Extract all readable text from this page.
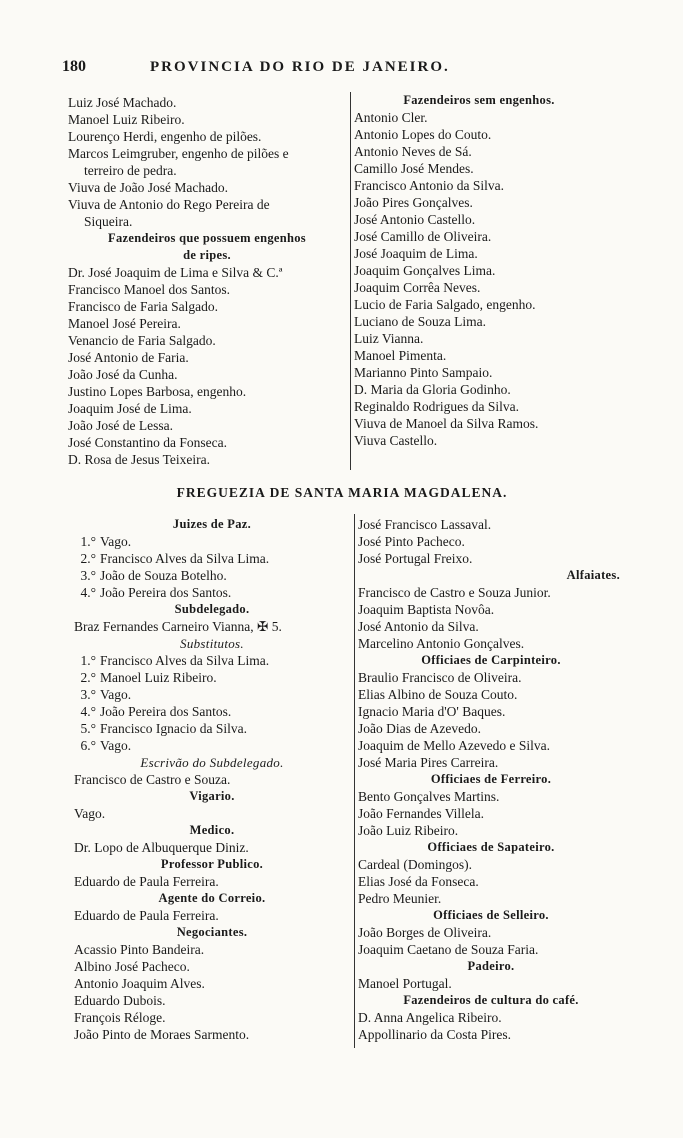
180	PROVINCIA DO RIO DE JANEIRO.
Luiz José Machado.
Manoel Luiz Ribeiro.
Lourenço Herdi, engenho de pilões.
Marcos Leimgruber, engenho de pilões e
terreiro de pedra.
Viuva de João José Machado.
Viuva de Antonio do Rego Pereira de
Siqueira.
Fazendeiros que possuem engenhos
de ripes.
Dr. José Joaquim de Lima e Silva & C.ª
Francisco Manoel dos Santos.
Francisco de Faria Salgado.
Manoel José Pereira.
Venancio de Faria Salgado.
José Antonio de Faria.
João José da Cunha.
Justino Lopes Barbosa, engenho.
Joaquim José de Lima.
João José de Lessa.
José Constantino da Fonseca.
D. Rosa de Jesus Teixeira.
Fazendeiros sem engenhos.
Antonio Cler.
Antonio Lopes do Couto.
Antonio Neves de Sá.
Camillo José Mendes.
Francisco Antonio da Silva.
João Pires Gonçalves.
José Antonio Castello.
José Camillo de Oliveira.
José Joaquim de Lima.
Joaquim Gonçalves Lima.
Joaquim Corrêa Neves.
Lucio de Faria Salgado, engenho.
Luciano de Souza Lima.
Luiz Vianna.
Manoel Pimenta.
Marianno Pinto Sampaio.
D. Maria da Gloria Godinho.
Reginaldo Rodrigues da Silva.
Viuva de Manoel da Silva Ramos.
Viuva Castello.
FREGUEZIA DE SANTA MARIA MAGDALENA.
Juizes de Paz.
1.° Vago.
2.° Francisco Alves da Silva Lima.
3.° João de Souza Botelho.
4.° João Pereira dos Santos.
Subdelegado.
Braz Fernandes Carneiro Vianna, ✠ 5.
Substitutos.
1.° Francisco Alves da Silva Lima.
2.° Manoel Luiz Ribeiro.
3.° Vago.
4.° João Pereira dos Santos.
5.° Francisco Ignacio da Silva.
6.° Vago.
Escrivão do Subdelegado.
Francisco de Castro e Souza.
Vigario.
Vago.
Medico.
Dr. Lopo de Albuquerque Diniz.
Professor Publico.
Eduardo de Paula Ferreira.
Agente do Correio.
Eduardo de Paula Ferreira.
Negociantes.
Acassio Pinto Bandeira.
Albino José Pacheco.
Antonio Joaquim Alves.
Eduardo Dubois.
François Réloge.
João Pinto de Moraes Sarmento.
José Francisco Lassaval.
José Pinto Pacheco.
José Portugal Freixo.
Alfaiates.
Francisco de Castro e Souza Junior.
Joaquim Baptista Novôa.
José Antonio da Silva.
Marcelino Antonio Gonçalves.
Officiaes de Carpinteiro.
Braulio Francisco de Oliveira.
Elias Albino de Souza Couto.
Ignacio Maria d'O' Baques.
João Dias de Azevedo.
Joaquim de Mello Azevedo e Silva.
José Maria Pires Carreira.
Officiaes de Ferreiro.
Bento Gonçalves Martins.
João Fernandes Villela.
João Luiz Ribeiro.
Officiaes de Sapateiro.
Cardeal (Domingos).
Elias José da Fonseca.
Pedro Meunier.
Officiaes de Selleiro.
João Borges de Oliveira.
Joaquim Caetano de Souza Faria.
Padeiro.
Manoel Portugal.
Fazendeiros de cultura do café.
D. Anna Angelica Ribeiro.
Appollinario da Costa Pires.
